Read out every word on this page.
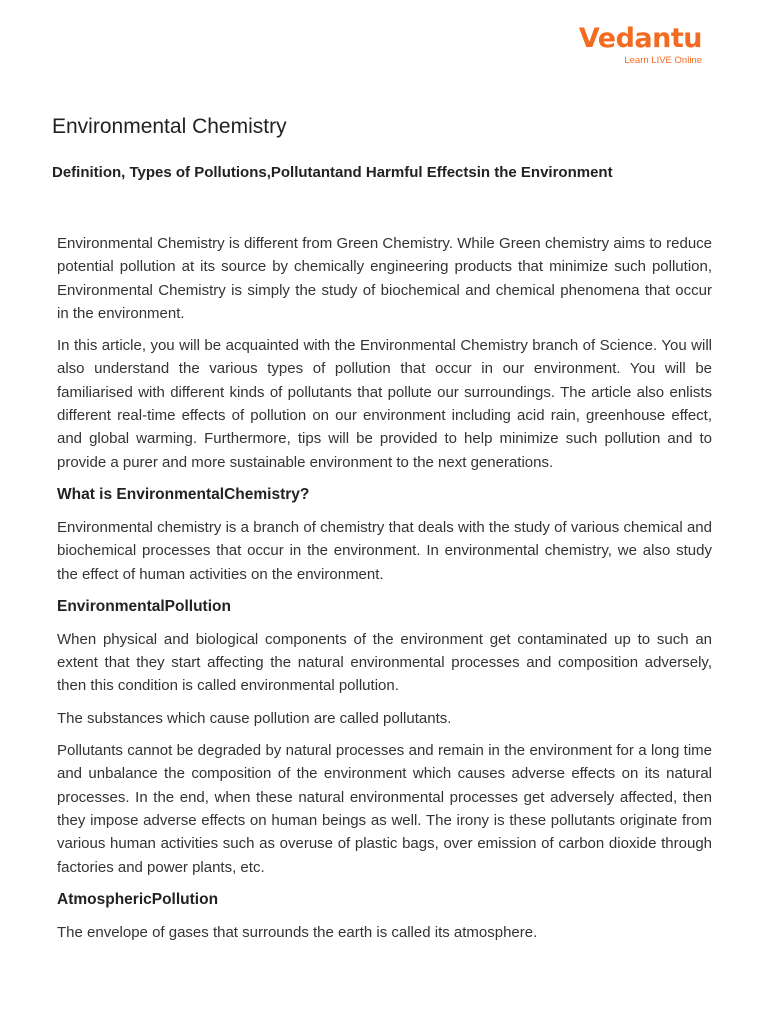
Vedantu
Learn LIVE Online
Environmental Chemistry
Definition, Types of Pollutions,Pollutantand Harmful Effectsin the Environment

Environmental Chemistry is different from Green Chemistry. While Green chemistry aims to reduce potential pollution at its source by chemically engineering products that minimize such pollution, Environmental Chemistry is simply the study of biochemical and chemical phenomena that occur in the environment.

In this article, you will be acquainted with the Environmental Chemistry branch of Science. You will also understand the various types of pollution that occur in our environment. You will be familiarised with different kinds of pollutants that pollute our surroundings. The article also enlists different real-time effects of pollution on our environment including acid rain, greenhouse effect, and global warming. Furthermore, tips will be provided to help minimize such pollution and to provide a purer and more sustainable environment to the next generations.

What is EnvironmentalChemistry?

Environmental chemistry is a branch of chemistry that deals with the study of various chemical and biochemical processes that occur in the environment. In environmental chemistry, we also study the effect of human activities on the environment.

EnvironmentalPollution

When physical and biological components of the environment get contaminated up to such an extent that they start affecting the natural environmental processes and composition adversely, then this condition is called environmental pollution.

The substances which cause pollution are called pollutants.

Pollutants cannot be degraded by natural processes and remain in the environment for a long time and unbalance the composition of the environment which causes adverse effects on its natural processes. In the end, when these natural environmental processes get adversely affected, then they impose adverse effects on human beings as well. The irony is these pollutants originate from various human activities such as overuse of plastic bags, over emission of carbon dioxide through factories and power plants, etc.

AtmosphericPollution

The envelope of gases that surrounds the earth is called its atmosphere.
